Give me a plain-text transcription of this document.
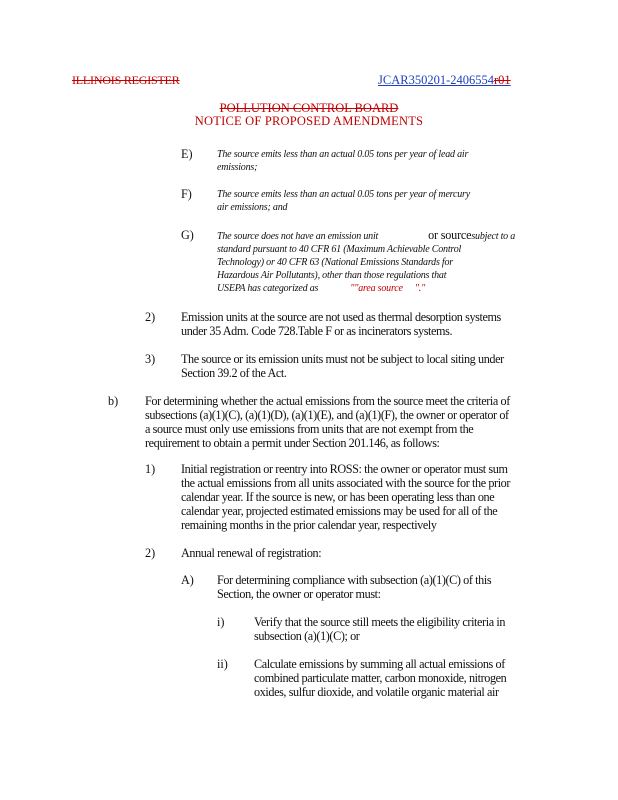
ILLINOIS REGISTER	JCAR350201-2406554r01
POLLUTION CONTROL BOARD
NOTICE OF PROPOSED AMENDMENTS
E) The source emits less than an actual 0.05 tons per year of lead air
emissions;
F)	The source emits less than an actual 0.05 tons per year of mercury
air emissions; and
G) The source does not have an emission unit	or sourcesubject to a
standard pursuant to 40 CFR 61 (Maximum Achievable Control
Technology) or 40 CFR 63 (National Emissions Standards for
Hazardous Air Pollutants), other than those regulations that
USEPA has categorized as	""area source "."
2) Emission units at the source are not used as thermal desorption systems
under 35 Adm. Code 728.Table F or as incinerators systems.
3) The source or its emission units must not be subject to local siting under
Section 39.2 of the Act.
b) For determining whether the actual emissions from the source meet the criteria of
subsections (a)(1)(C), (a)(1)(D), (a)(1)(E), and (a)(1)(F), the owner or operator of
a source must only use emissions from units that are not exempt from the
requirement to obtain a permit under Section 201.146, as follows:
1) Initial registration or reentry into ROSS: the owner or operator must sum
the actual emissions from all units associated with the source for the prior
calendar year. If the source is new, or has been operating less than one
calendar year, projected estimated emissions may be used for all of the
remaining months in the prior calendar year, respectively
2) Annual renewal of registration:
A) For determining compliance with subsection (a)(1)(C) of this
Section, the owner or operator must:
i) Verify that the source still meets the eligibility criteria in
subsection (a)(1)(C); or
ii) Calculate emissions by summing all actual emissions of
combined particulate matter, carbon monoxide, nitrogen
oxides, sulfur dioxide, and volatile organic material air
